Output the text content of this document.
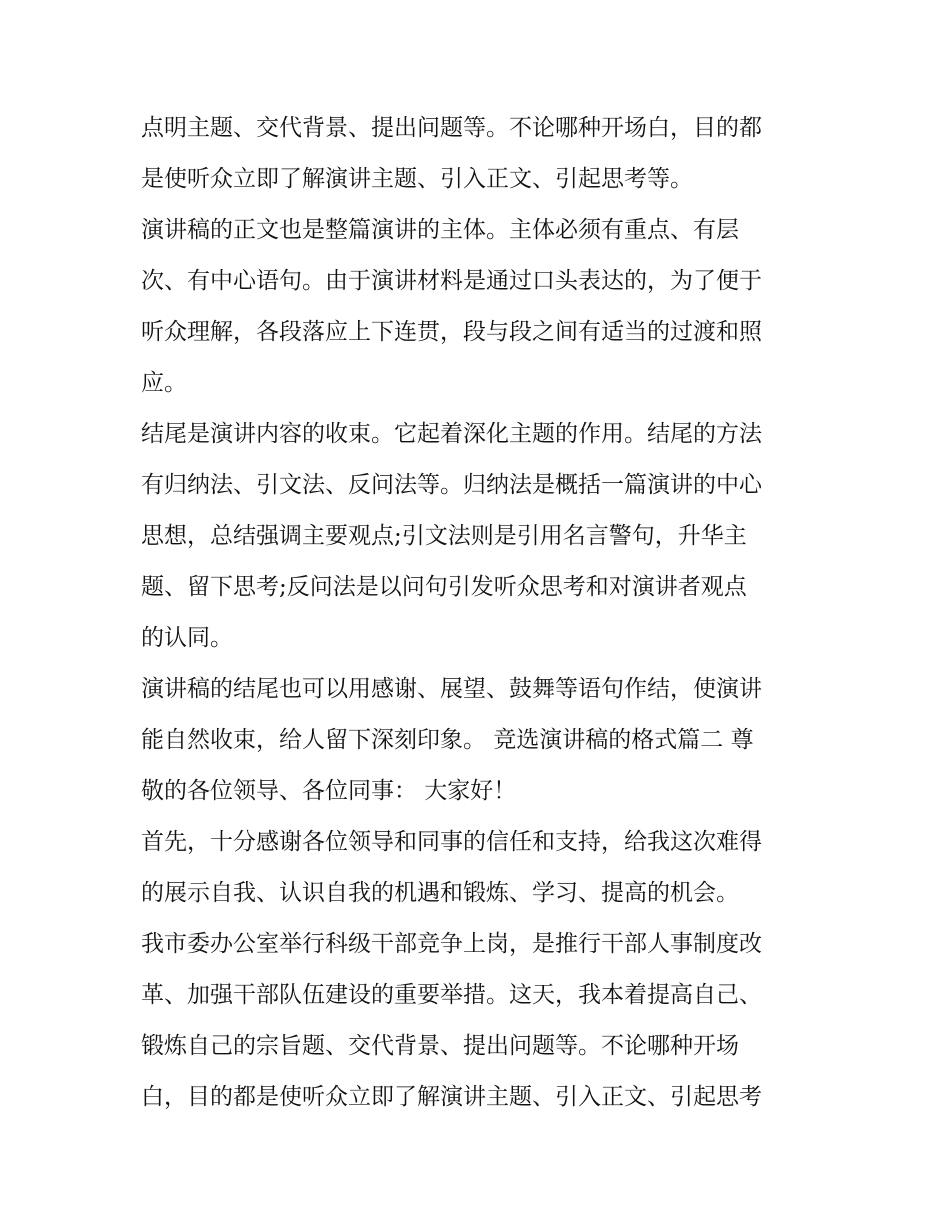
点明主题、交代背景、提出问题等。不论哪种开场白，目的都
是使听众立即了解演讲主题、引入正文、引起思考等。
演讲稿的正文也是整篇演讲的主体。主体必须有重点、有层
次、有中心语句。由于演讲材料是通过口头表达的，为了便于
听众理解，各段落应上下连贯，段与段之间有适当的过渡和照
应。
结尾是演讲内容的收束。它起着深化主题的作用。结尾的方法
有归纳法、引文法、反问法等。归纳法是概括一篇演讲的中心
思想，总结强调主要观点;引文法则是引用名言警句，升华主
题、留下思考;反问法是以问句引发听众思考和对演讲者观点
的认同。
演讲稿的结尾也可以用感谢、展望、鼓舞等语句作结，使演讲
能自然收束，给人留下深刻印象。 竞选演讲稿的格式篇二 尊
敬的各位领导、各位同事： 大家好！
首先，十分感谢各位领导和同事的信任和支持，给我这次难得
的展示自我、认识自我的机遇和锻炼、学习、提高的机会。
我市委办公室举行科级干部竞争上岗，是推行干部人事制度改
革、加强干部队伍建设的重要举措。这天，我本着提高自己、
锻炼自己的宗旨题、交代背景、提出问题等。不论哪种开场
白，目的都是使听众立即了解演讲主题、引入正文、引起思考
